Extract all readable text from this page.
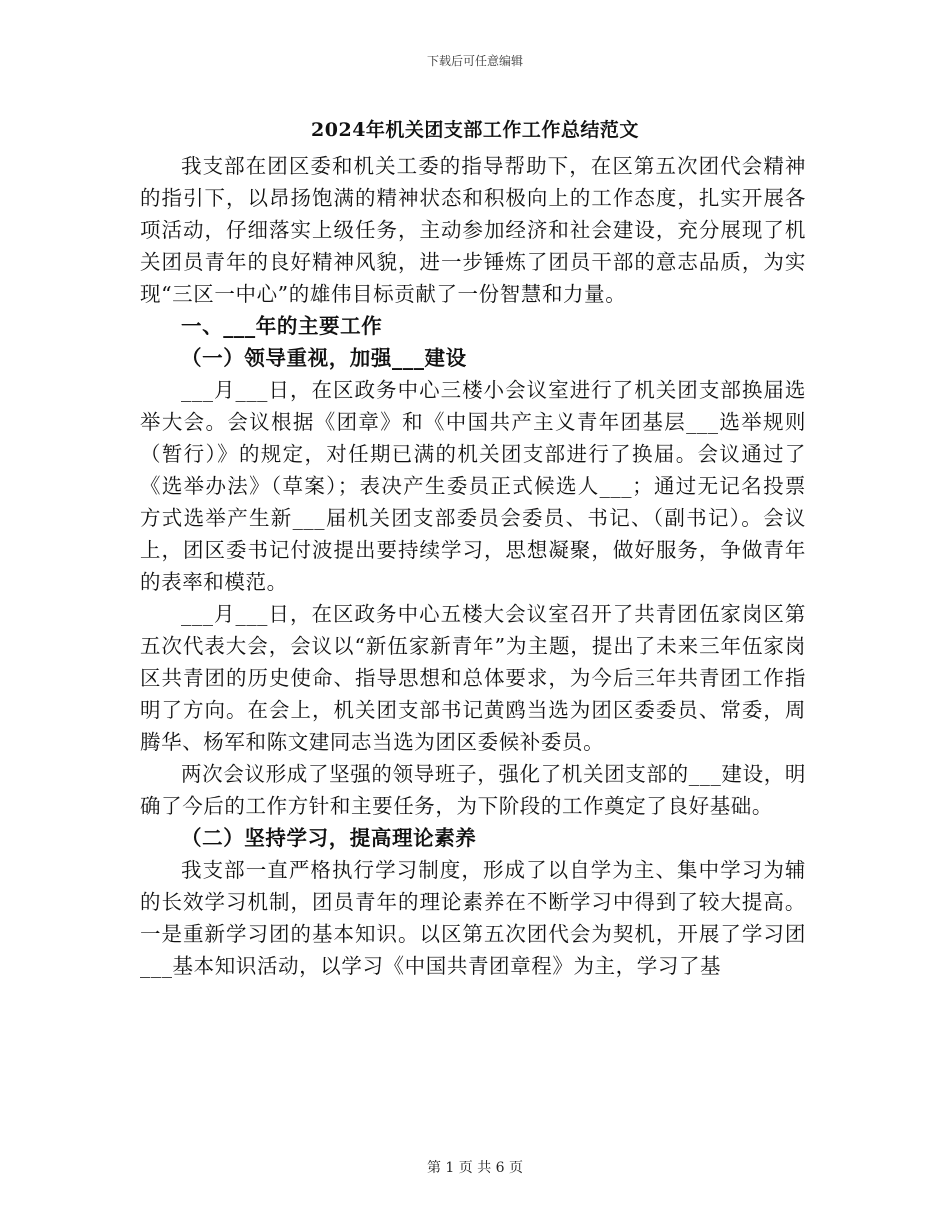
下载后可任意编辑
2024年机关团支部工作工作总结范文

我支部在团区委和机关工委的指导帮助下，在区第五次团代会精神的指引下，以昂扬饱满的精神状态和积极向上的工作态度，扎实开展各项活动，仔细落实上级任务，主动参加经济和社会建设，充分展现了机关团员青年的良好精神风貌，进一步锤炼了团员干部的意志品质，为实现“三区一中心”的雄伟目标贡献了一份智慧和力量。

一、___年的主要工作

（一）领导重视，加强___建设

___月___日，在区政务中心三楼小会议室进行了机关团支部换届选举大会。会议根据《团章》和《中国共产主义青年团基层___选举规则（暂行）》的规定，对任期已满的机关团支部进行了换届。会议通过了《选举办法》（草案）；表决产生委员正式候选人___；通过无记名投票方式选举产生新___届机关团支部委员会委员、书记、（副书记）。会议上，团区委书记付波提出要持续学习，思想凝聚，做好服务，争做青年的表率和模范。

___月___日，在区政务中心五楼大会议室召开了共青团伍家岗区第五次代表大会，会议以“新伍家新青年”为主题，提出了未来三年伍家岗区共青团的历史使命、指导思想和总体要求，为今后三年共青团工作指明了方向。在会上，机关团支部书记黄鸥当选为团区委委员、常委，周腾华、杨军和陈文建同志当选为团区委候补委员。

两次会议形成了坚强的领导班子，强化了机关团支部的___建设，明确了今后的工作方针和主要任务，为下阶段的工作奠定了良好基础。

（二）坚持学习，提高理论素养

我支部一直严格执行学习制度，形成了以自学为主、集中学习为辅的长效学习机制，团员青年的理论素养在不断学习中得到了较大提高。一是重新学习团的基本知识。以区第五次团代会为契机，开展了学习团___基本知识活动，以学习《中国共青团章程》为主，学习了基

第 1 页 共 6 页
